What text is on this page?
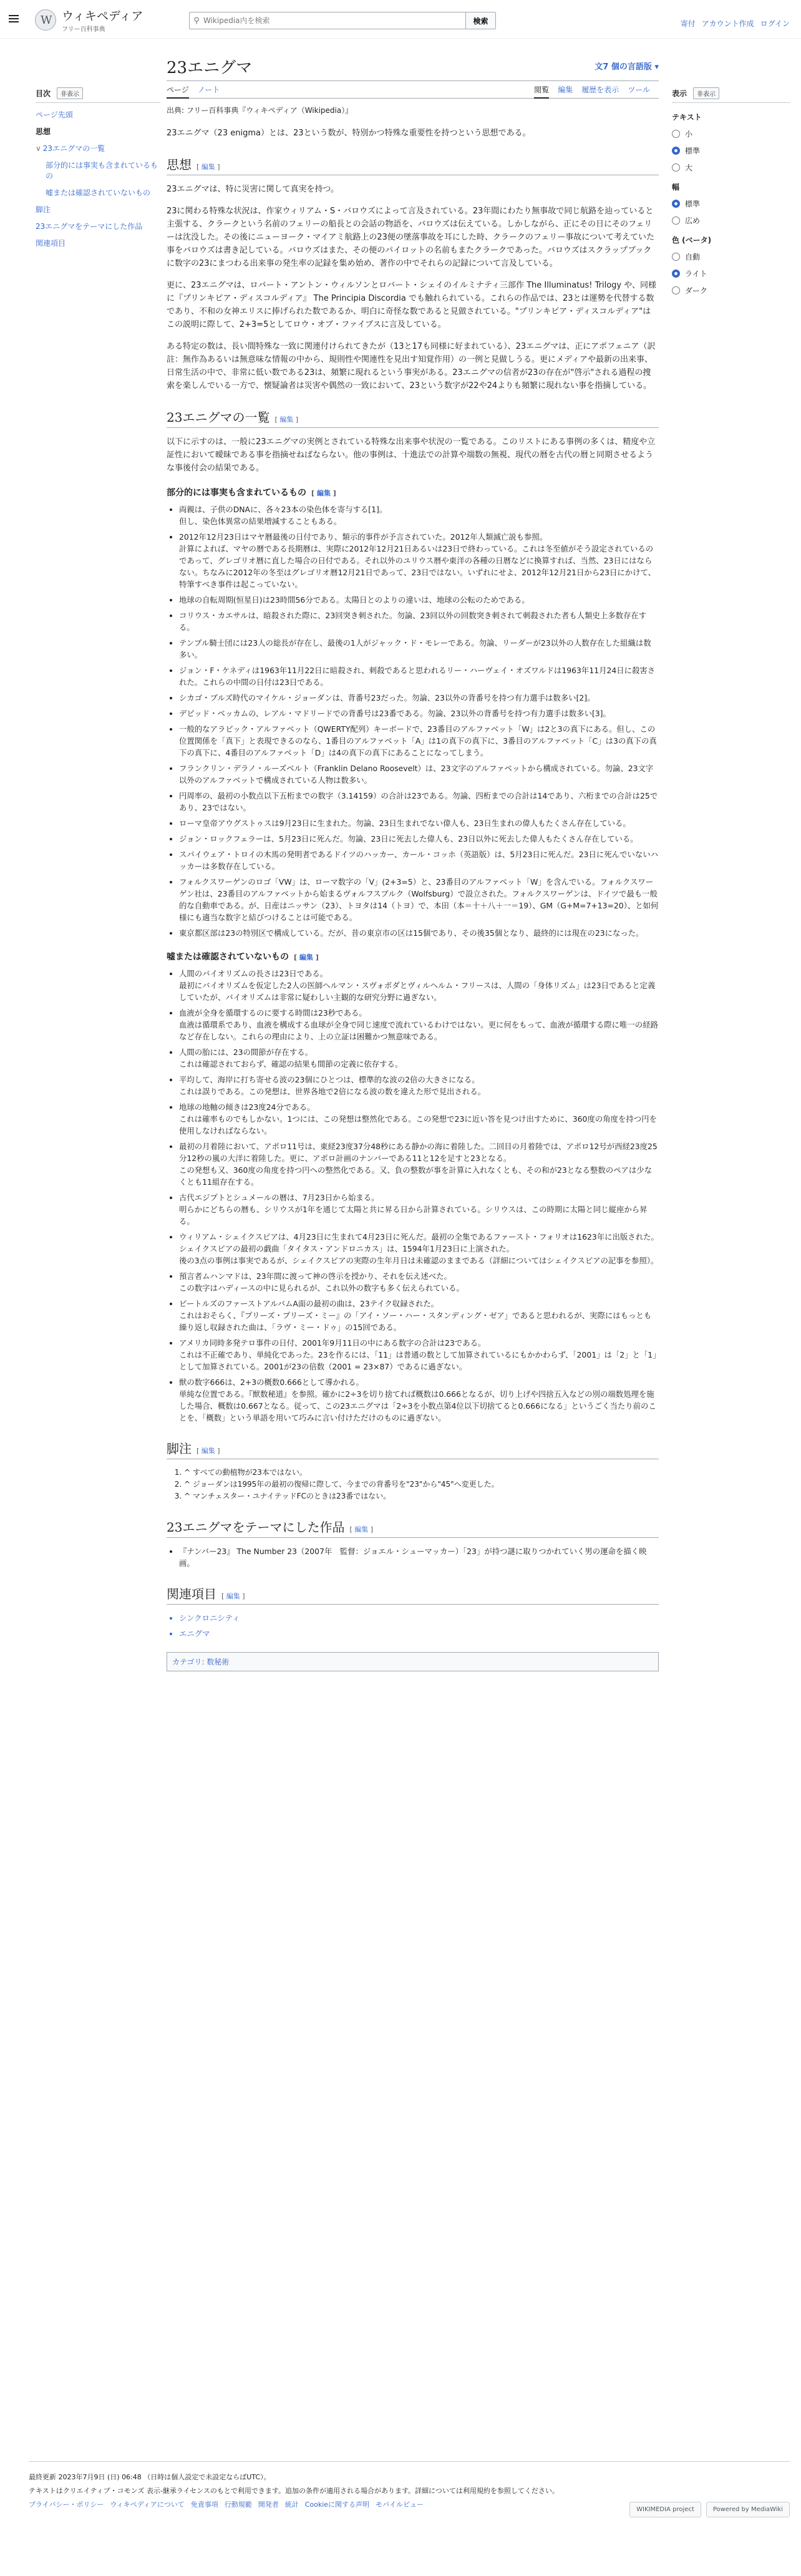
W
ウィキペディア
フリー百科事典
⚲
Wikipedia内を検索	検索	寄付 アカウント作成 ログイン
目次	非表示
ページ先頭
思想
∨ 23エニグマの一覧
部分的には事実も含まれているもの
嘘または確認されていないもの
脚注
23エニグマをテーマにした作品
関連項目
表示	非表示
テキスト
小
標準
大
幅
標準
広め
色 (ベータ)
自動
ライト
ダーク
23エニグマ	文7 個の言語版 ▾
ページ ノート	閲覧 編集 履歴を表示 ツール
出典: フリー百科事典『ウィキペディア（Wikipedia）』

23エニグマ（23 enigma）とは、23という数が、特別かつ特殊な重要性を持つという思想である。

思想 [ 編集 ]

23エニグマは、特に災害に関して真実を持つ。

23に関わる特殊な状況は、作家ウィリアム・S・バロウズによって言及されている。23年間にわたり無事故で同じ航路を辿っていると主張する、クラークという名前のフェリーの船長との会話の物語を、バロウズは伝えている。しかしながら、正にその日にそのフェリーは沈没した。その後にニューヨーク・マイアミ航路上の23便の墜落事故を耳にした時、クラークのフェリー事故について考えていた事をバロウズは書き記している。バロウズはまた、その便のパイロットの名前もまたクラークであった。バロウズはスクラップブックに数字の23にまつわる出来事の発生率の記録を集め始め、著作の中でそれらの記録について言及している。

更に、23エニグマは、ロバート・アントン・ウィルソンとロバート・シェイのイルミナティ三部作 The Illuminatus! Trilogy や、同様に『プリンキピア・ディスコルディア』 The Principia Discordia でも触れられている。これらの作品では、23とは運勢を代替する数であり、不和の女神エリスに捧げられた数であるか、明白に奇怪な数であると見做されている。"プリンキピア・ディスコルディア"はこの説明に際して、2+3=5としてロウ・オブ・ファイブスに言及している。

ある特定の数は、長い間特殊な一致に関連付けられてきたが（13と17も同様に好まれている）、23エニグマは、正にアポフェニア（訳註：無作為あるいは無意味な情報の中から、規則性や関連性を見出す知覚作用）の一例と見做しうる。更にメディアや最新の出来事、日常生活の中で、非常に低い数である23は、頻繁に現れるという事実がある。23エニグマの信者が23の存在が"啓示"される過程の捜索を楽しんでいる一方で、懐疑論者は災害や偶然の一致において、23という数字が22や24よりも頻繁に現れない事を指摘している。

23エニグマの一覧 [ 編集 ]

以下に示すのは、一般に23エニグマの実例とされている特殊な出来事や状況の一覧である。このリストにある事例の多くは、精度や立証性において曖昧である事を指摘せねばならない。他の事例は、十進法での計算や端数の無視、現代の暦を古代の暦と同期させるような事後付会の結果である。

部分的には事実も含まれているもの [ 編集 ]
• 両親は、子供のDNAに、各々23本の染色体を寄与する[1]。
但し、染色体異常の結果増減することもある。
• 2012年12月23日はマヤ暦最後の日付であり、類示的事件が予言されていた。2012年人類滅亡説も参照。
計算によれば、マヤの暦である長期暦は、実際に2012年12月21日あるいは23日で終わっている。これは冬至値がそう設定されているのであって、グレゴリオ暦に直した場合の日付である。それ以外のユリウス暦や東洋の各種の日暦などに換算すれば、当然、23日にはならない。ちなみに2012年の冬至はグレゴリオ暦12月21日であって、23日ではない。いずれにせよ、2012年12月21日から23日にかけて、特筆すべき事件は起こっていない。
• 地球の自転周期(恒星日)は23時間56分である。太陽日とのよりの違いは、地球の公転のためである。
• コリウス・カエサルは、暗殺された際に、23回突き刺された。勿論、23回以外の回数突き刺されて刺殺された者も人類史上多数存在する。
• テンプル騎士団には23人の総長が存在し、最後の1人がジャック・ド・モレーである。勿論、リーダーが23以外の人数存在した組織は数多い。
• ジョン・F・ケネディは1963年11月22日に暗殺され、刺殺であると思われるリー・ハーヴェイ・オズワルドは1963年11月24日に殺害された。これらの中間の日付は23日である。
• シカゴ・ブルズ時代のマイケル・ジョーダンは、背番号23だった。勿論、23以外の背番号を持つ有力選手は数多い[2]。
• デビッド・ベッカムの、レアル・マドリードでの背番号は23番である。勿論、23以外の背番号を持つ有力選手は数多い[3]。
• 一般的なアラビック・アルファベット（QWERTY配列）キーボードで、23番目のアルファベット「W」は2と3の真下にある。但し、この位置関係を「真下」と表現できるのなら、1番目のアルファベット「A」は1の真下の真下に、3番目のアルファベット「C」は3の真下の真下の真下に、4番目のアルファベット「D」は4の真下の真下にあることになってしまう。
• フランクリン・デラノ・ルーズベルト（Franklin Delano Roosevelt）は、23文字のアルファベットから構成されている。勿論、23文字以外のアルファベットで構成されている人物は数多い。
• 円周率の、最初の小数点以下五桁までの数字（3.14159）の合計は23である。勿論、四桁までの合計は14であり、六桁までの合計は25であり、23ではない。
• ローマ皇帝アウグストゥスは9月23日に生まれた。勿論、23日生まれでない偉人も、23日生まれの偉人もたくさん存在している。
• ジョン・ロックフェラーは、5月23日に死んだ。勿論、23日に死去した偉人も、23日以外に死去した偉人もたくさん存在している。
• スパイウェア・トロイの木馬の発明者であるドイツのハッカー、カール・コッホ（英語版）は、5月23日に死んだ。23日に死んでいないハッカーは多数存在している。
• フォルクスワーゲンのロゴ「VW」は、ローマ数字の「V」(2+3=5）と、23番目のアルファベット「W」を含んでいる。フォルクスワーゲン社は、23番目のアルファベットから始まるヴォルフスブルク（Wolfsburg）で設立された。フォルクスワーゲンは、ドイツで最も一般的な自動車である。が、日産はニッサン（23）、トヨタは14（トヨ）で、本田（本＝十＋八＋一＝19）、GM（G+M=7+13=20）、と如何様にも適当な数字と結びつけることは可能である。
• 東京都区部は23の特別区で構成している。だが、昔の東京市の区は15個であり、その後35個となり、最終的には現在の23になった。
嘘または確認されていないもの [ 編集 ]
• 人間のバイオリズムの長さは23日である。
最初にバイオリズムを仮定した2人の医師ヘルマン・スヴォボダとヴィルヘルム・フリースは、人間の「身体リズム」は23日であると定義していたが、バイオリズムは非常に疑わしい主観的な研究分野に過ぎない。
• 血液が全身を循環するのに要する時間は23秒である。
血液は循環系であり、血液を構成する血球が全身で同じ速度で流れているわけではない。更に何をもって、血液が循環する際に唯一の経路など存在しない。これらの理由により、上の立証は困難かつ無意味である。
• 人間の胎には、23の間節が存在する。
これは確認されておらず、確認の結果も間節の定義に依存する。
• 平均して、海岸に打ち寄せる波の23個にひとつは、標準的な波の2倍の大きさになる。
これは誤りである。この発想は、世界各地で2倍になる波の数を違えた形で見出される。
• 地球の地軸の傾きは23度24分である。
これは確率ものでもしかない。1つには、この発想は整然化である。この発想で23に近い答を見つけ出すために、360度の角度を持つ円を使用しなければならない。
• 最初の月着陸において、アポロ11号は、東経23度37分48秒にある静かの海に着陸した。二回目の月着陸では、アポロ12号が西経23度25分12秒の嵐の大洋に着陸した。更に、アポロ計画のナンバーである11と12を足すと23となる。
この発想も又、360度の角度を持つ円への整然化である。又、負の整数が事を計算に入れなくとも、その和が23となる整数のペアは少なくとも11組存在する。
• 古代エジプトとシュメールの暦は、7月23日から始まる。
明らかにどちらの暦も、シリウスが1年を通じて太陽と共に昇る日から計算されている。シリウスは、この時期に太陽と同じ縦座から昇る。
• ウィリアム・シェイクスピアは、4月23日に生まれて4月23日に死んだ。最初の全集であるファースト・フォリオは1623年に出版された。シェイクスピアの最初の戯曲「タイタス・アンドロニカス」は、1594年1月23日に上演された。
後の3点の事例は事実であるが、シェイクスピアの実際の生年月日は未確認のままである（詳細についてはシェイクスピアの記事を参照）。
• 預言者ムハンマドは、23年間に渡って神の啓示を授かり、それを伝え述べた。
この数字はハディースの中に見られるが、これ以外の数字も多く伝えられている。
• ビートルズのファーストアルバムA面の最初の曲は、23テイク収録された。
これはおそらく、『プリーズ・プリーズ・ミー』の「アイ・ソー・ハー・スタンディング・ゼア」であると思われるが、実際にはもっとも繰り返し収録された曲は、「ラヴ・ミー・ドゥ」の15回である。
• アメリカ同時多発テロ事件の日付、2001年9月11日の中にある数字の合計は23である。
これは不正確であり、単純化であった。23を作るには、「11」は普通の数として加算されているにもかかわらず、「2001」は「2」と「1」として加算されている。2001が23の倍数（2001 = 23×87）であるに過ぎない。
• 獣の数字666は、2+3の概数0.666として導かれる。
単純な位置である。『獣数秘道』を参照。確かに2÷3を切り捨てれば概数は0.666となるが、切り上げや四捨五入などの別の端数処理を施した場合、概数は0.667となる。従って、この23エニグマは「2÷3を小数点第4位以下切捨てると0.666になる」というごく当たり前のことを、「概数」という単語を用いて巧みに言い付けただけのものに過ぎない。
脚注 [ 編集 ]
1. ^ すべての動植物が23本ではない。
2. ^ ジョーダンは1995年の最初の復帰に際して、今までの背番号を"23"から"45"へ変更した。
3. ^ マンチェスター・ユナイテッドFCのときは23番ではない。
23エニグマをテーマにした作品 [ 編集 ]
• 『ナンバー23』 The Number 23（2007年　監督：ジョエル・シューマッカー）「23」が持つ謎に取りつかれていく男の運命を描く映画。
関連項目 [ 編集 ]
• シンクロニシティ
• エニグマ
カテゴリ: 数秘術
最終更新 2023年7月9日 (日) 06:48 （日時は個人設定で未設定ならばUTC）。
テキストはクリエイティブ・コモンズ 表示-継承ライセンスのもとで利用できます。追加の条件が適用される場合があります。詳細については利用規約を参照してください。
プライバシー・ポリシー ウィキペディアについて 免責事項 行動規範 開発者 統計 Cookieに関する声明 モバイルビュー
WIKIMEDIA project	Powered by MediaWiki
